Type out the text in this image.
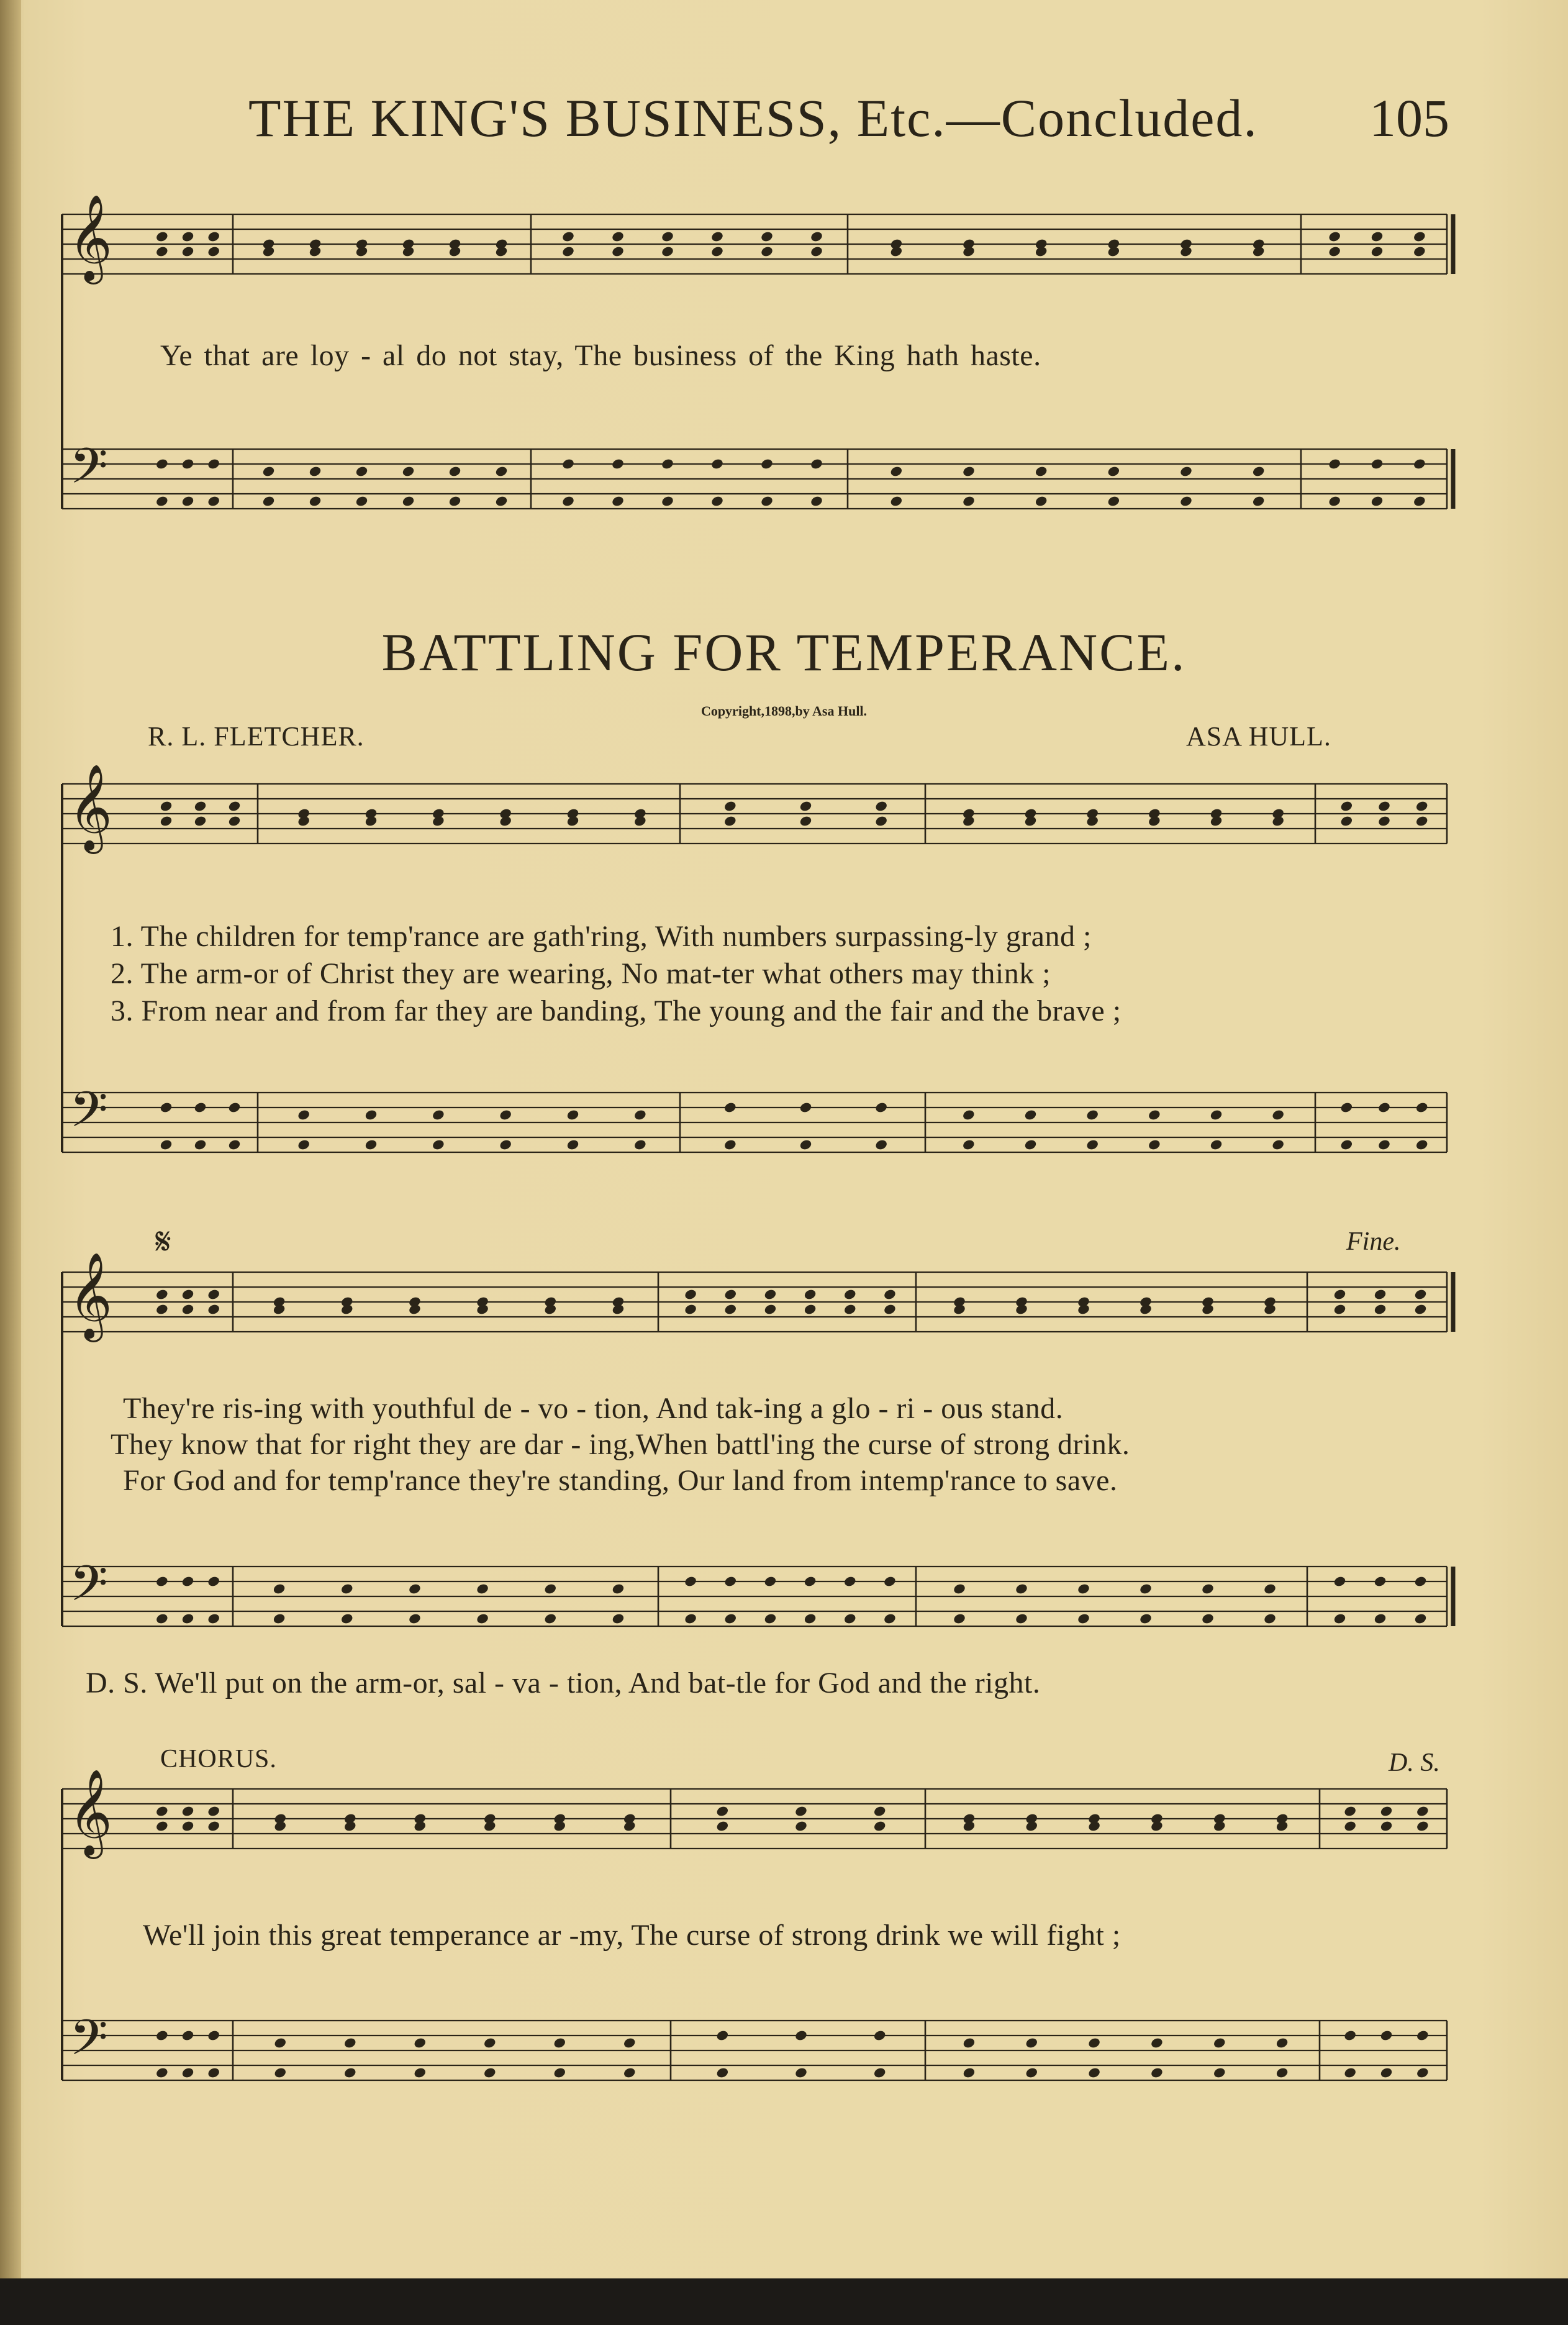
THE KING'S BUSINESS, Etc.—Concluded. 105
𝄞
𝄢
𝄞
𝄢
𝄞
𝄢
𝄞
𝄢
Ye that are loy - al do not stay, The business of the King hath haste.
BATTLING FOR TEMPERANCE.
Copyright,1898,by Asa Hull.
R. L. FLETCHER.	ASA HULL.
1. The children for temp'rance are gath'ring, With numbers surpassing-ly grand ;
2. The arm-or of Christ they are wearing, No mat-ter what others may think ;
3. From near and from far they are banding, The young and the fair and the brave ;
𝄋	Fine.
They're ris-ing with youthful de - vo - tion, And tak-ing a glo - ri - ous stand.
They know that for right they are dar - ing,When battl'ing the curse of strong drink.
For God and for temp'rance they're standing, Our land from intemp'rance to save.
D. S. We'll put on the arm-or, sal - va - tion, And bat-tle for God and the right.
CHORUS.	D. S.
We'll join this great temperance ar -my, The curse of strong drink we will fight ;
